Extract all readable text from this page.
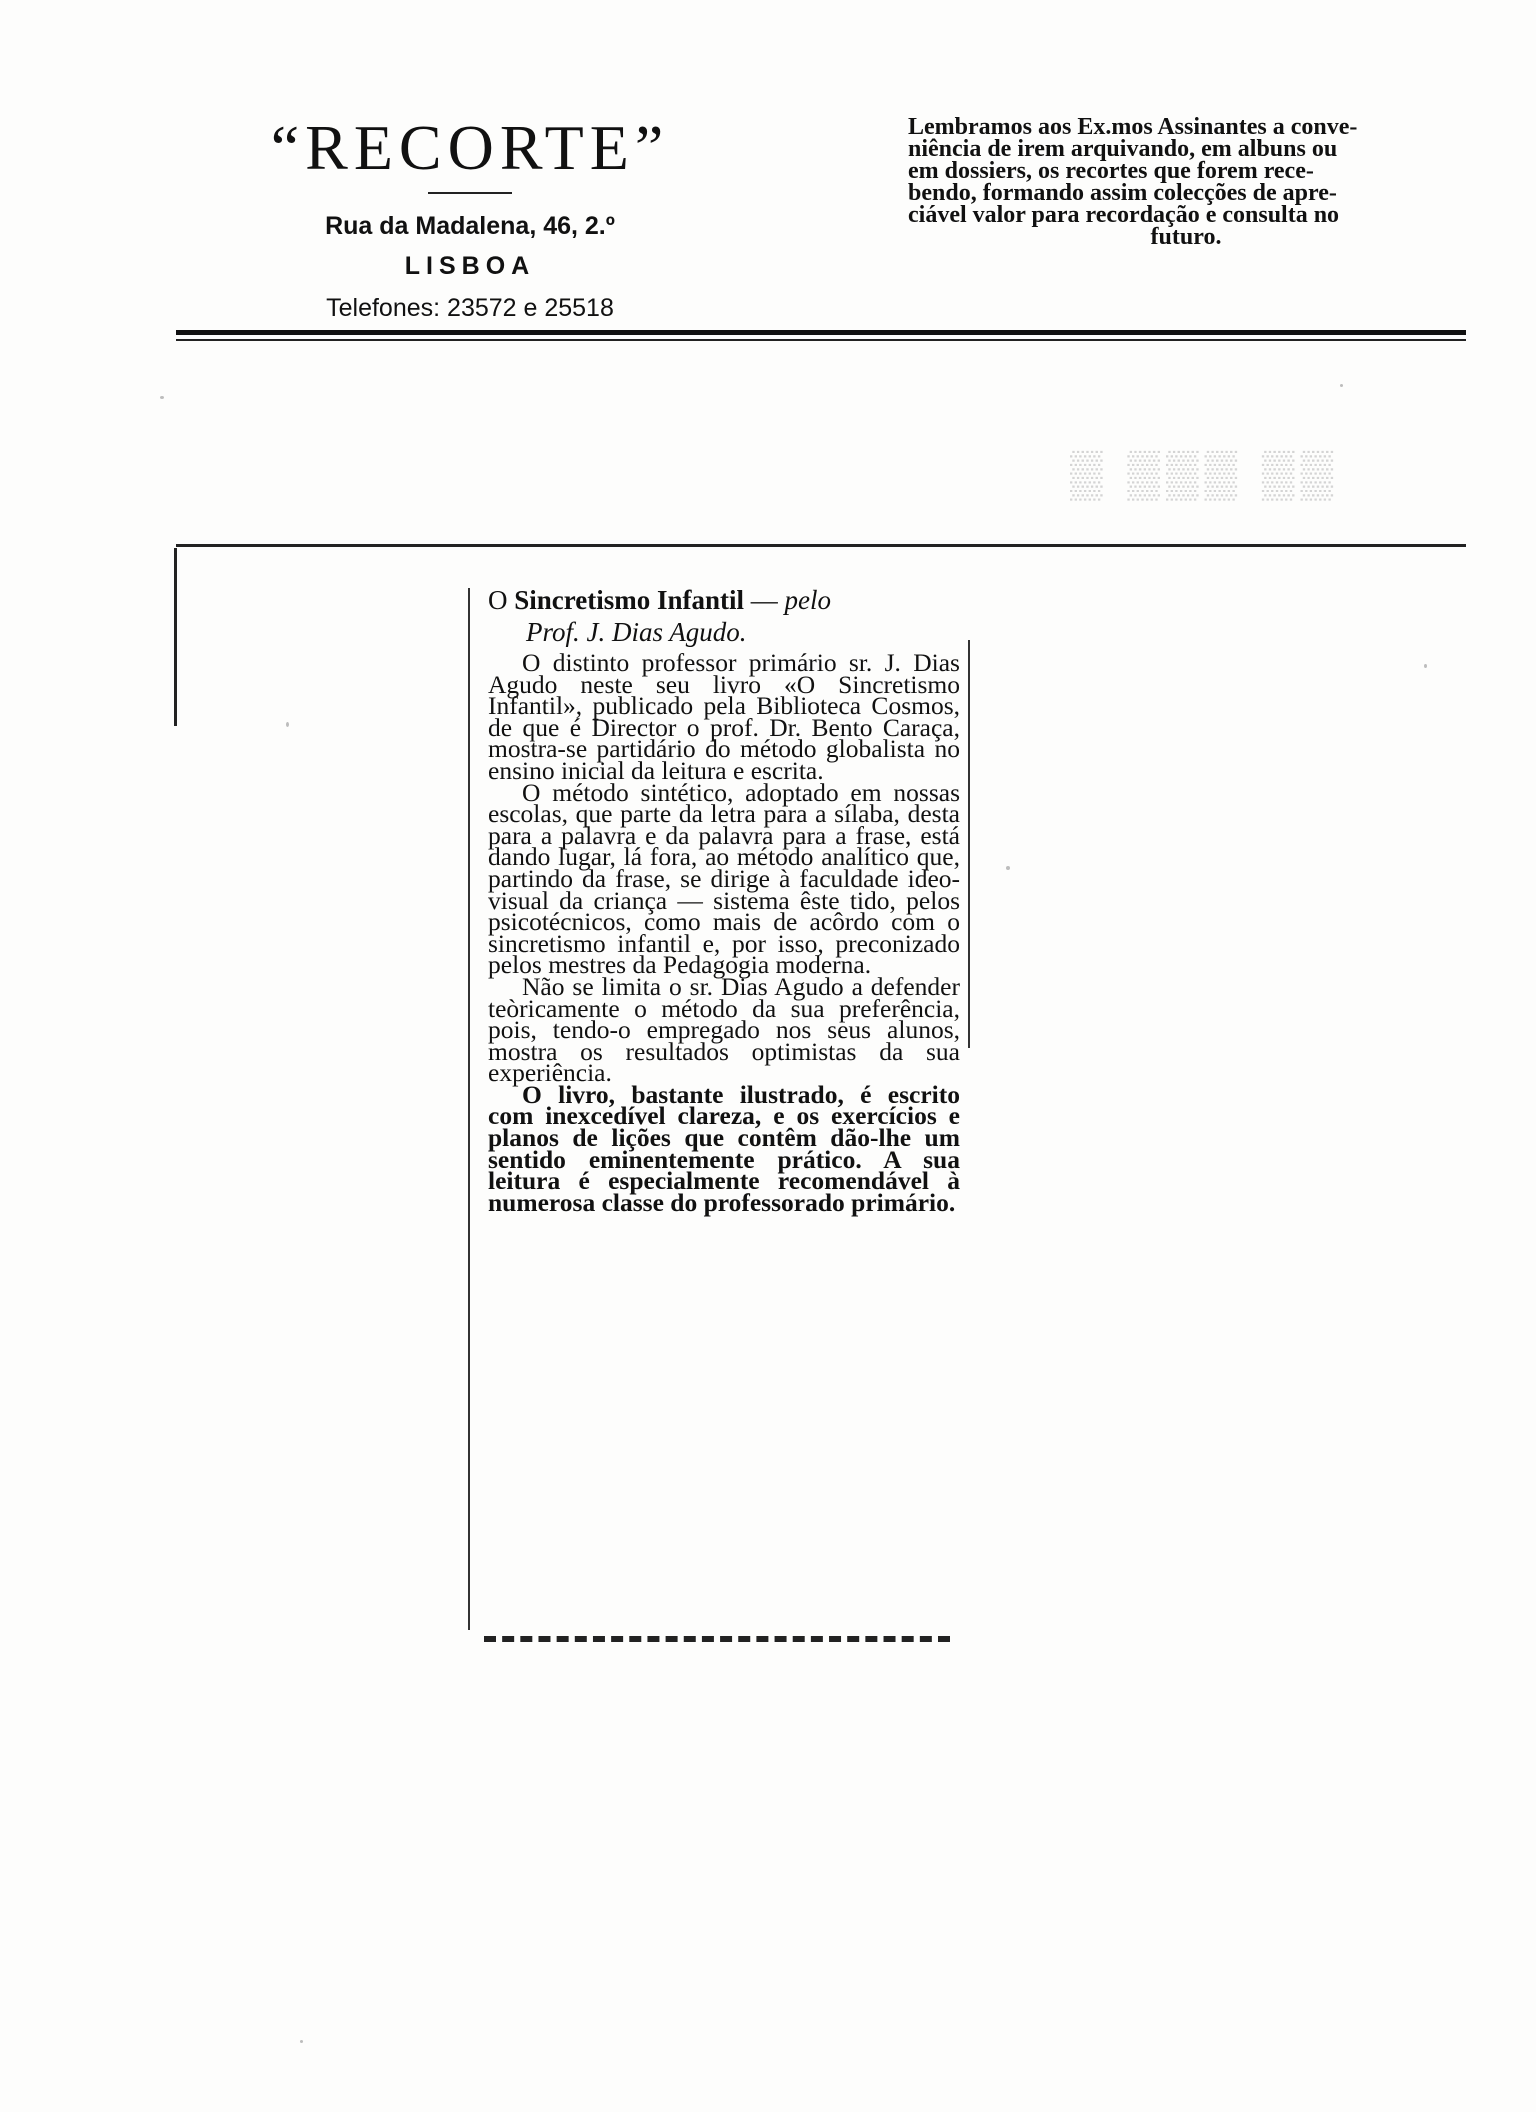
“RECORTE”
Rua da Madalena, 46, 2.º
LISBOA
Telefones: 23572 e 25518
Lembramos aos Ex.mos Assinantes a conve-
niência de irem arquivando, em albuns ou
em dossiers, os recortes que forem rece-
bendo, formando assim colecções de apre-
ciável valor para recordação e consulta no
futuro.
▒ ▒▒▒ ▒▒

O Sincretismo Infantil — pelo

Prof. J. Dias Agudo.

O distinto professor primário sr. J. Dias Agudo neste seu livro «O Sincretismo Infantil», publicado pela Biblioteca Cosmos, de que é Director o prof. Dr. Bento Caraça, mostra-se partidário do método globalista no ensino inicial da leitura e escrita.

O método sintético, adoptado em nossas escolas, que parte da letra para a sílaba, desta para a palavra e da palavra para a frase, está dando lugar, lá fora, ao método analítico que, partindo da frase, se dirige à faculdade ideo-visual da criança — sistema êste tido, pelos psicotécnicos, como mais de acôrdo com o sincretismo infantil e, por isso, preconizado pelos mestres da Pedagogia moderna.

Não se limita o sr. Dias Agudo a defender teòricamente o método da sua preferência, pois, tendo-o empregado nos seus alunos, mostra os resultados optimistas da sua experiência.

O livro, bastante ilustrado, é escrito com inexcedível clareza, e os exercícios e planos de lições que contêm dão-lhe um sentido eminentemente prático. A sua leitura é especialmente recomendável à numerosa classe do professorado primário.
